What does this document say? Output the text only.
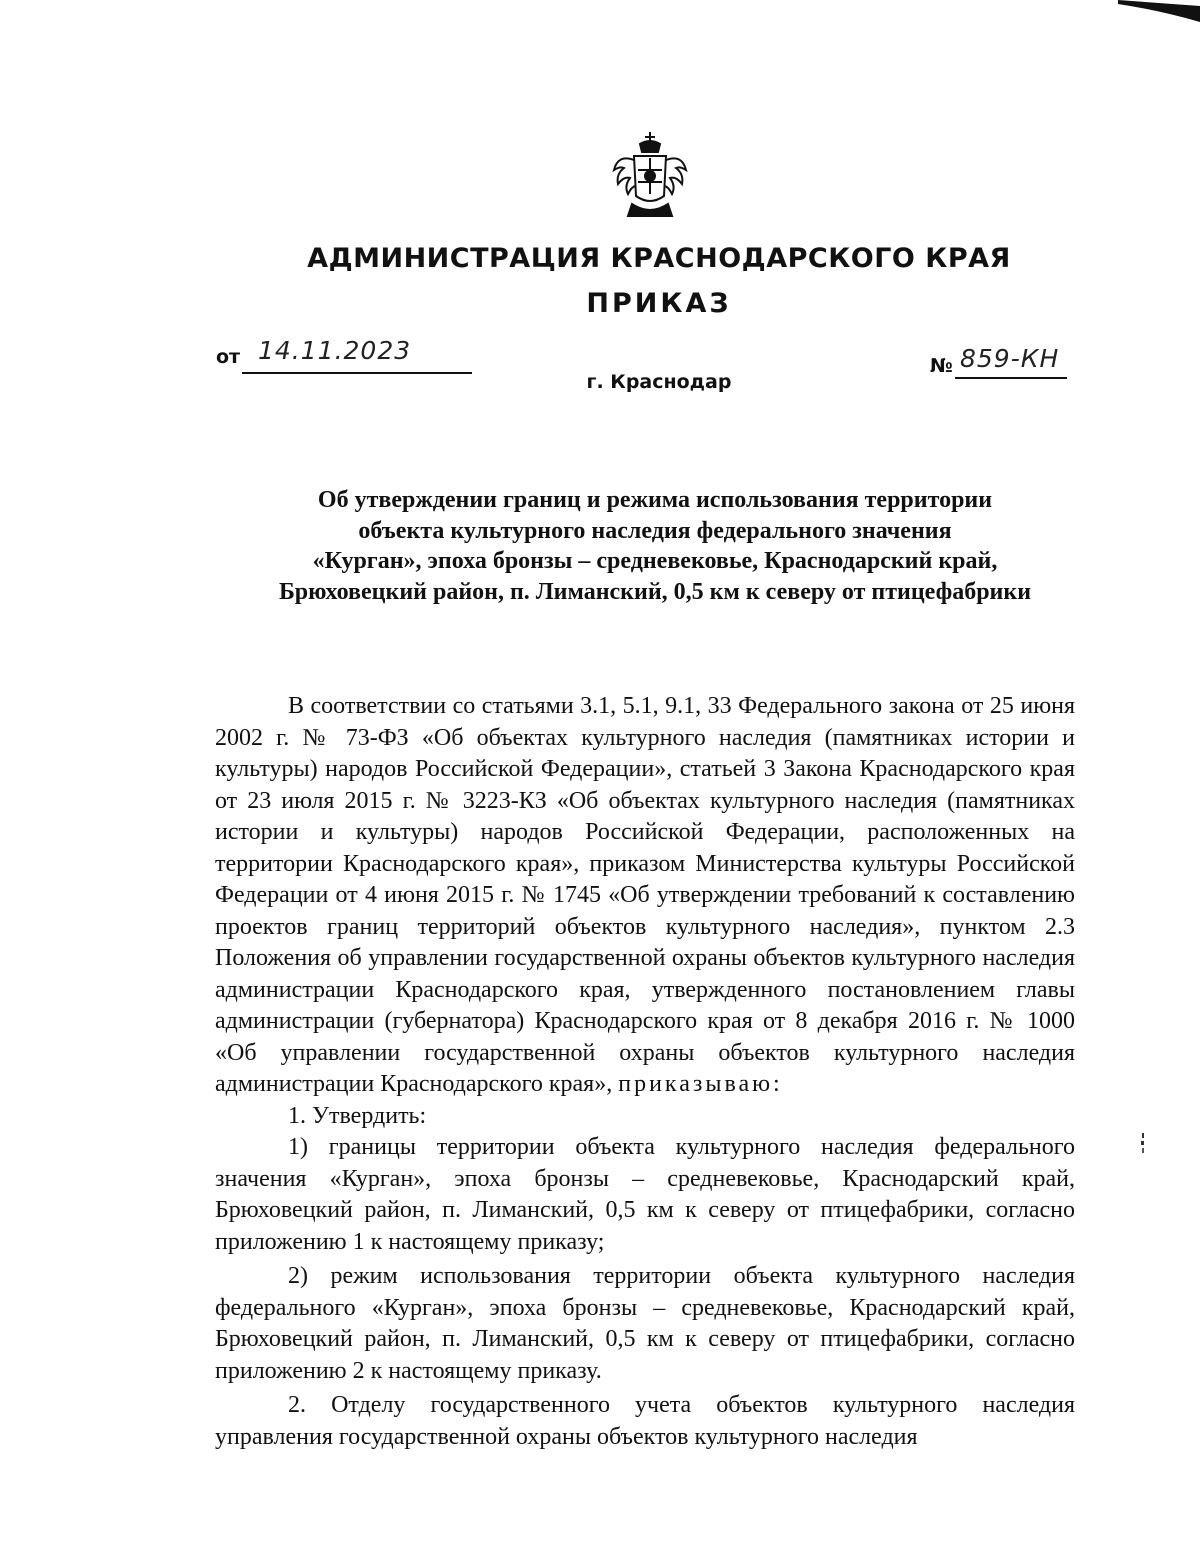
АДМИНИСТРАЦИЯ КРАСНОДАРСКОГО КРАЯ
ПРИКАЗ
от 14.11.2023
№ 859-КН
г. Краснодар
Об утверждении границ и режима использования территории
объекта культурного наследия федерального значения
«Курган», эпоха бронзы – средневековье, Краснодарский край,
Брюховецкий район, п. Лиманский, 0,5 км к северу от птицефабрики

В соответствии со статьями 3.1, 5.1, 9.1, 33 Федерального закона от 25 июня 2002 г. № 73-ФЗ «Об объектах культурного наследия (памятниках истории и культуры) народов Российской Федерации», статьей 3 Закона Краснодарского края от 23 июля 2015 г. № 3223-КЗ «Об объектах культурного наследия (памятниках истории и культуры) народов Российской Федерации, расположенных на территории Краснодарского края», приказом Министерства культуры Российской Федерации от 4 июня 2015 г. № 1745 «Об утверждении требований к составлению проектов границ территорий объектов культурного наследия», пунктом 2.3 Положения об управлении государственной охраны объектов культурного наследия администрации Краснодарского края, утвержденного постановлением главы администрации (губернатора) Краснодарского края от 8 декабря 2016 г. № 1000 «Об управлении государственной охраны объектов культурного наследия администрации Краснодарского края», приказываю:

1. Утвердить:

1) границы территории объекта культурного наследия федерального значения «Курган», эпоха бронзы – средневековье, Краснодарский край, Брюховецкий район, п. Лиманский, 0,5 км к северу от птицефабрики, согласно приложению 1 к настоящему приказу;

2) режим использования территории объекта культурного наследия федерального «Курган», эпоха бронзы – средневековье, Краснодарский край, Брюховецкий район, п. Лиманский, 0,5 км к северу от птицефабрики, согласно приложению 2 к настоящему приказу.

2. Отделу государственного учета объектов культурного наследия управления государственной охраны объектов культурного наследия
